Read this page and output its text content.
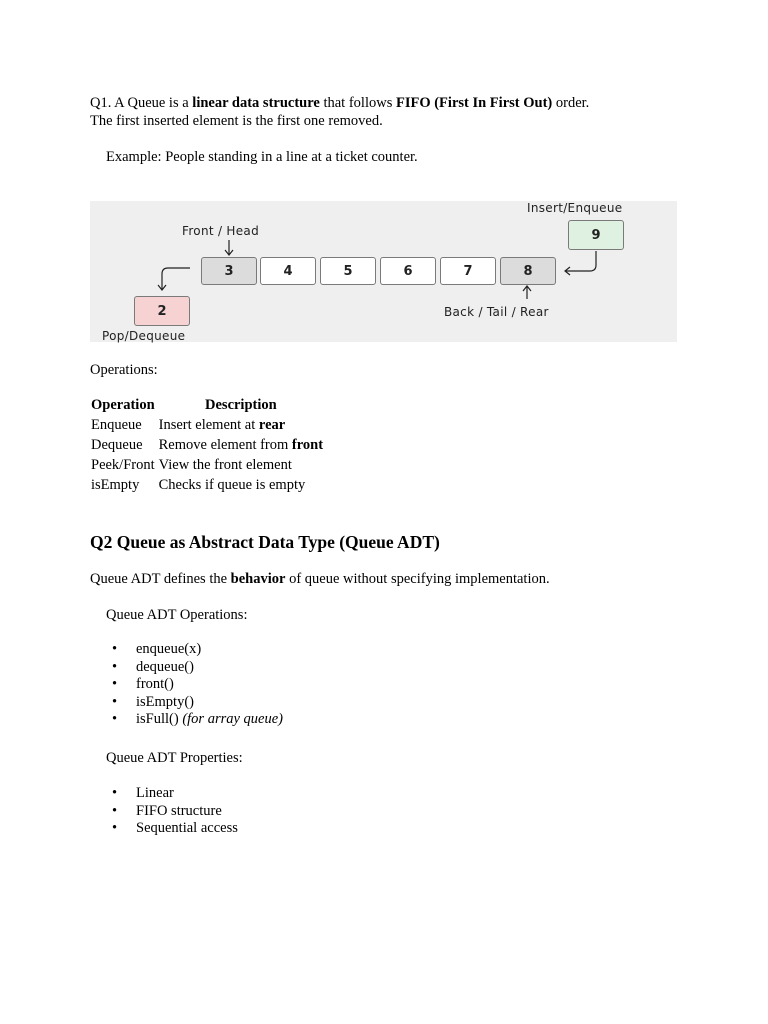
Q1. A Queue is a linear data structure that follows FIFO (First In First Out) order.
The first inserted element is the first one removed.
Example: People standing in a line at a ticket counter.
Insert/Enqueue
Front / Head
Back / Tail / Rear
Pop/Dequeue
9
2
3	4	5	6	7	8
Operations:
Operation	Description
Enqueue	Insert element at rear
Dequeue	Remove element from front
Peek/Front	View the front element
isEmpty	Checks if queue is empty
Q2 Queue as Abstract Data Type (Queue ADT)
Queue ADT defines the behavior of queue without specifying implementation.
Queue ADT Operations:
• enqueue(x)
• dequeue()
• front()
• isEmpty()
• isFull() (for array queue)
Queue ADT Properties:
• Linear
• FIFO structure
• Sequential access
